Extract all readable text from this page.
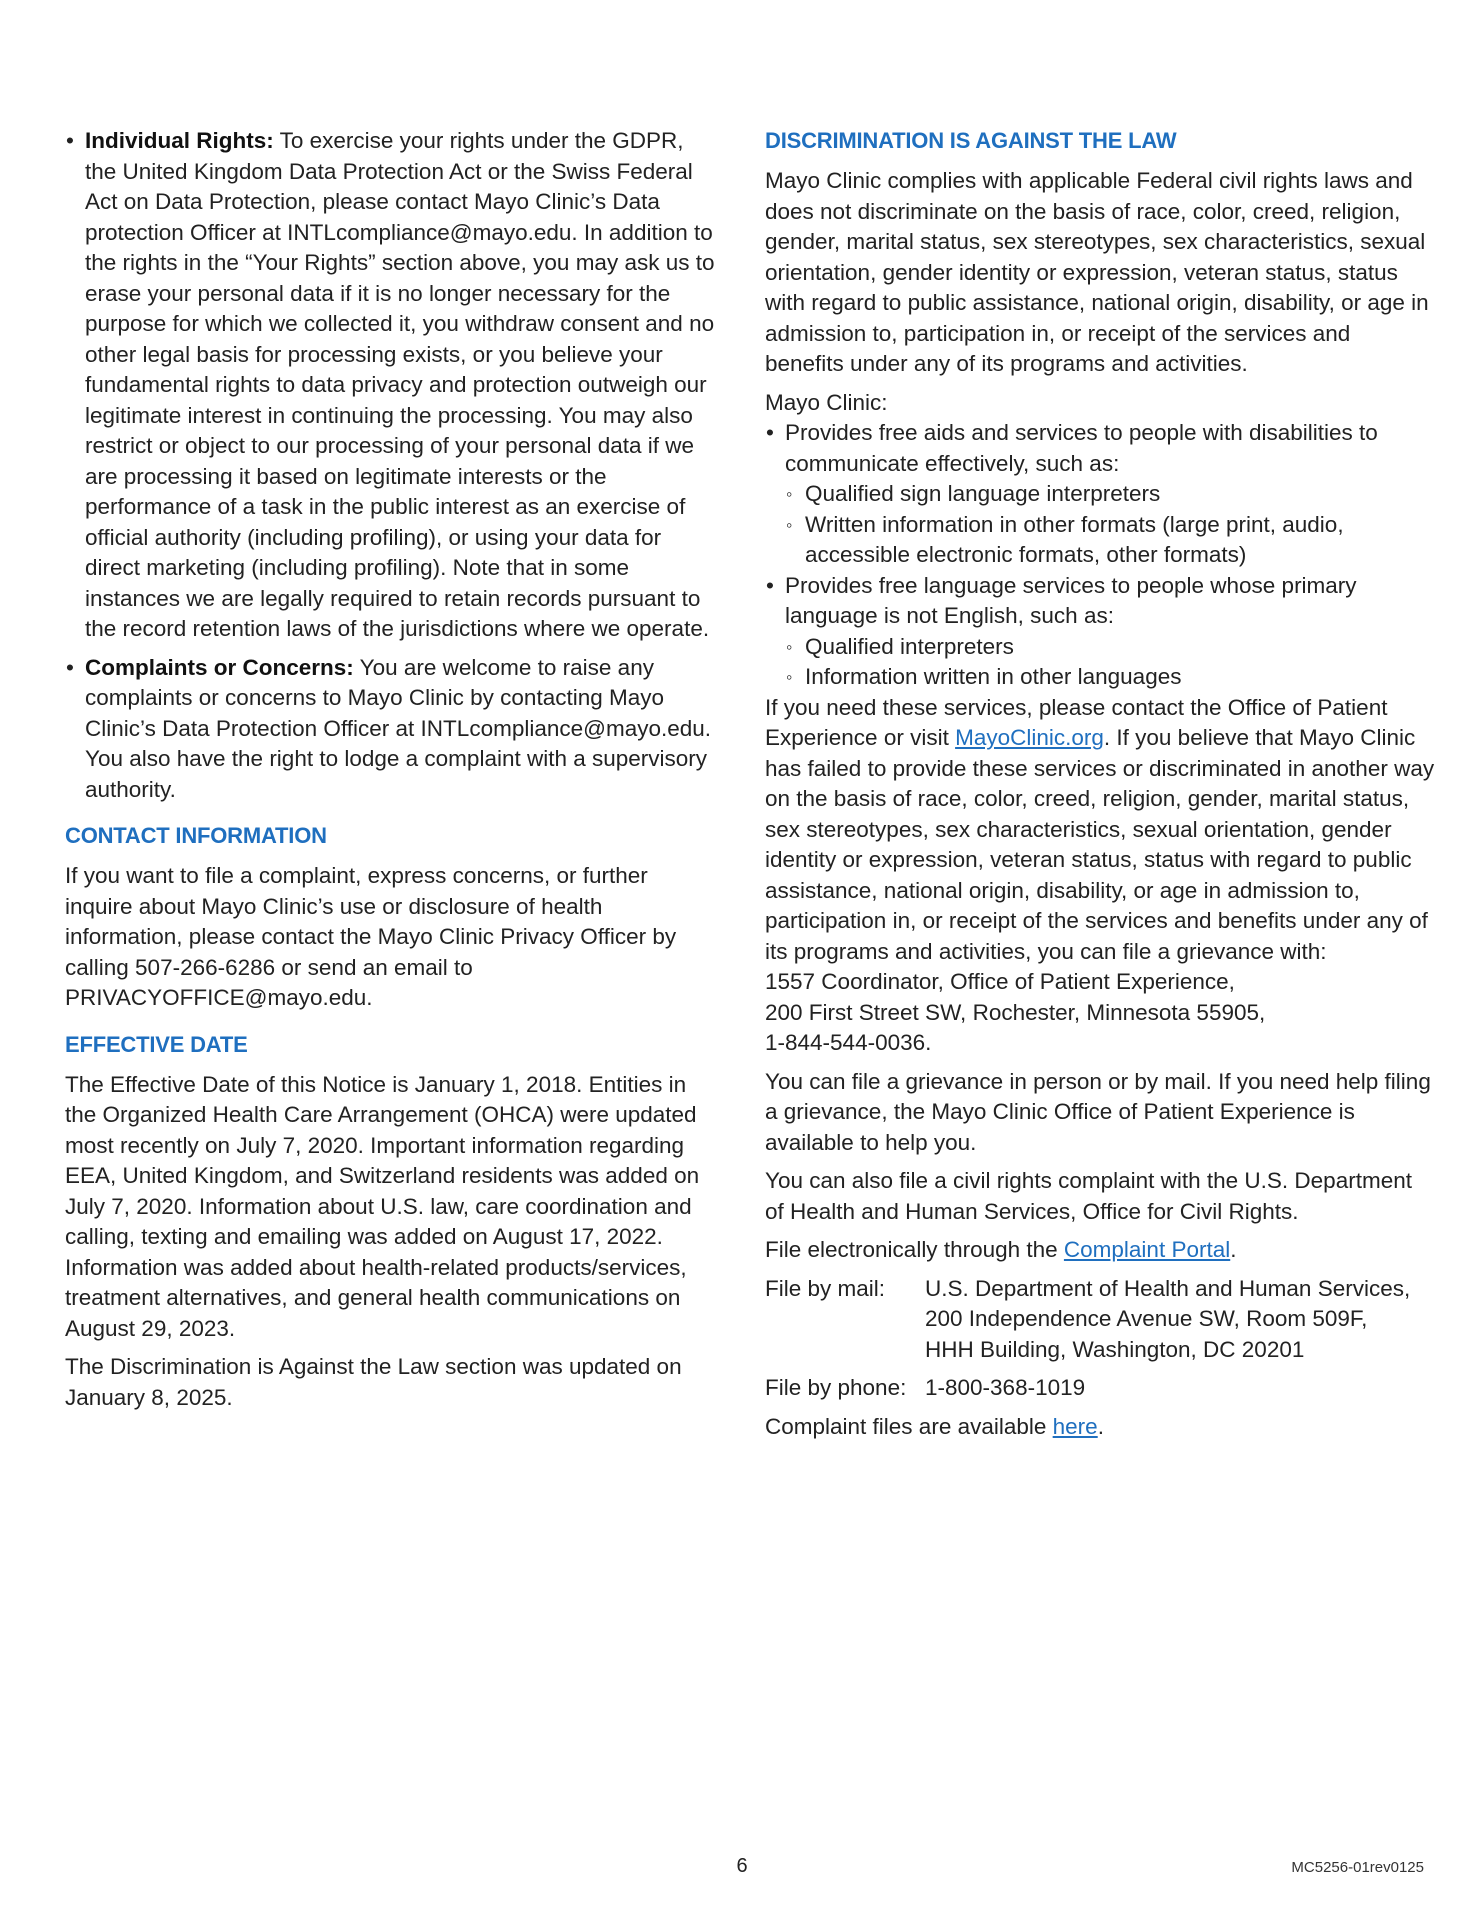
• Individual Rights: To exercise your rights under the GDPR, the United Kingdom Data Protection Act or the Swiss Federal Act on Data Protection, please contact Mayo Clinic’s Data protection Officer at INTLcompliance@mayo.edu. In addition to the rights in the “Your Rights” section above, you may ask us to erase your personal data if it is no longer necessary for the purpose for which we collected it, you withdraw consent and no other legal basis for processing exists, or you believe your fundamental rights to data privacy and protection outweigh our legitimate interest in continuing the processing. You may also restrict or object to our processing of your personal data if we are processing it based on legitimate interests or the performance of a task in the public interest as an exercise of official authority (including profiling), or using your data for direct marketing (including profiling). Note that in some instances we are legally required to retain records pursuant to the record retention laws of the jurisdictions where we operate.
• Complaints or Concerns: You are welcome to raise any complaints or concerns to Mayo Clinic by contacting Mayo Clinic’s Data Protection Officer at INTLcompliance@mayo.edu. You also have the right to lodge a complaint with a supervisory authority.
CONTACT INFORMATION

If you want to file a complaint, express concerns, or further inquire about Mayo Clinic’s use or disclosure of health information, please contact the Mayo Clinic Privacy Officer by calling 507-266-6286 or send an email to PRIVACYOFFICE@mayo.edu.

EFFECTIVE DATE

The Effective Date of this Notice is January 1, 2018. Entities in the Organized Health Care Arrangement (OHCA) were updated most recently on July 7, 2020. Important information regarding EEA, United Kingdom, and Switzerland residents was added on July 7, 2020. Information about U.S. law, care coordination and calling, texting and emailing was added on August 17, 2022. Information was added about health-related products/services, treatment alternatives, and general health communications on August 29, 2023.

The Discrimination is Against the Law section was updated on January 8, 2025.

DISCRIMINATION IS AGAINST THE LAW

Mayo Clinic complies with applicable Federal civil rights laws and does not discriminate on the basis of race, color, creed, religion, gender, marital status, sex stereotypes, sex characteristics, sexual orientation, gender identity or expression, veteran status, status with regard to public assistance, national origin, disability, or age in admission to, participation in, or receipt of the services and benefits under any of its programs and activities.

Mayo Clinic:

• Provides free aids and services to people with disabilities to communicate effectively, such as:
◦ Qualified sign language interpreters
◦ Written information in other formats (large print, audio, accessible electronic formats, other formats)
• Provides free language services to people whose primary language is not English, such as:
◦ Qualified interpreters
◦ Information written in other languages

If you need these services, please contact the Office of Patient Experience or visit MayoClinic.org. If you believe that Mayo Clinic has failed to provide these services or discriminated in another way on the basis of race, color, creed, religion, gender, marital status, sex stereotypes, sex characteristics, sexual orientation, gender identity or expression, veteran status, status with regard to public assistance, national origin, disability, or age in admission to, participation in, or receipt of the services and benefits under any of its programs and activities, you can file a grievance with:
1557 Coordinator, Office of Patient Experience,
200 First Street SW, Rochester, Minnesota 55905,
1-844-544-0036.

You can file a grievance in person or by mail. If you need help filing a grievance, the Mayo Clinic Office of Patient Experience is available to help you.

You can also file a civil rights complaint with the U.S. Department of Health and Human Services, Office for Civil Rights.

File electronically through the Complaint Portal.

File by mail:	U.S. Department of Health and Human Services,
200 Independence Avenue SW, Room 509F,
HHH Building, Washington, DC 20201
File by phone: 1-800-368-1019

Complaint files are available here.

6	MC5256-01rev0125
